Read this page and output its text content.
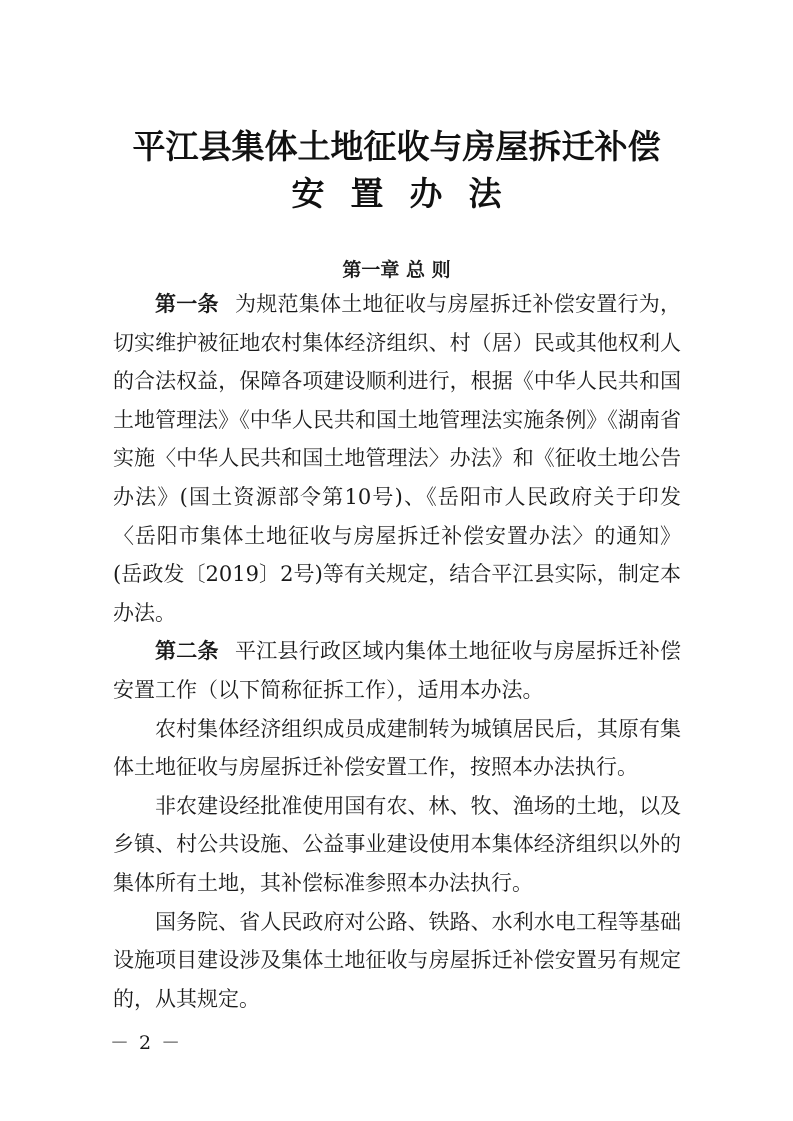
平江县集体土地征收与房屋拆迁补偿
安置办法
第一章 总 则

第一条 为规范集体土地征收与房屋拆迁补偿安置行为，切实维护被征地农村集体经济组织、村（居）民或其他权利人的合法权益，保障各项建设顺利进行，根据《中华人民共和国土地管理法》《中华人民共和国土地管理法实施条例》《湖南省实施〈中华人民共和国土地管理法〉办法》和《征收土地公告办法》(国土资源部令第10号)、《岳阳市人民政府关于印发〈岳阳市集体土地征收与房屋拆迁补偿安置办法〉的通知》(岳政发〔2019〕2号)等有关规定，结合平江县实际，制定本办法。

第二条 平江县行政区域内集体土地征收与房屋拆迁补偿安置工作（以下简称征拆工作），适用本办法。

农村集体经济组织成员成建制转为城镇居民后，其原有集体土地征收与房屋拆迁补偿安置工作，按照本办法执行。

非农建设经批准使用国有农、林、牧、渔场的土地，以及乡镇、村公共设施、公益事业建设使用本集体经济组织以外的集体所有土地，其补偿标准参照本办法执行。

国务院、省人民政府对公路、铁路、水利水电工程等基础设施项目建设涉及集体土地征收与房屋拆迁补偿安置另有规定的，从其规定。

－ 2 －
